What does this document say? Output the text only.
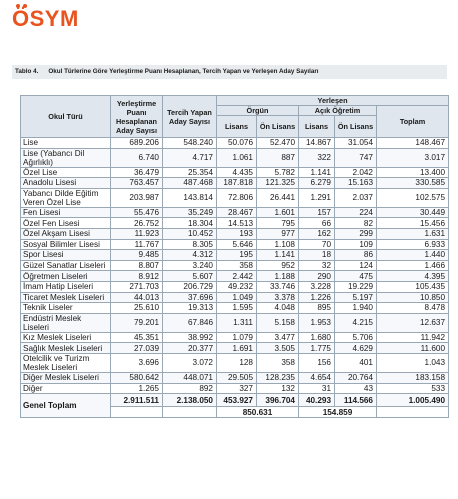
ÖSYM
Tablo 4. Okul Türlerine Göre Yerleştirme Puanı Hesaplanan, Tercih Yapan ve Yerleşen Aday Sayıları
Okul Türü	Yerleştirme Puanı Hesaplanan Aday Sayısı	Tercih Yapan Aday Sayısı	Yerleşen				
			Örgün		Açık Öğretim		Toplam
			Lisans	Ön Lisans	Lisans	Ön Lisans	
Lise	689.206	548.240	50.076	52.470	14.867	31.054	148.467
Lise (Yabancı Dil Ağırlıklı)	6.740	4.717	1.061	887	322	747	3.017
Özel Lise	36.479	25.354	4.435	5.782	1.141	2.042	13.400
Anadolu Lisesi	763.457	487.468	187.818	121.325	6.279	15.163	330.585
Yabancı Dilde Eğitim Veren Özel Lise	203.987	143.814	72.806	26.441	1.291	2.037	102.575
Fen Lisesi	55.476	35.249	28.467	1.601	157	224	30.449
Özel Fen Lisesi	26.752	18.304	14.513	795	66	82	15.456
Özel Akşam Lisesi	11.923	10.452	193	977	162	299	1.631
Sosyal Bilimler Lisesi	11.767	8.305	5.646	1.108	70	109	6.933
Spor Lisesi	9.485	4.312	195	1.141	18	86	1.440
Güzel Sanatlar Liseleri	8.807	3.240	358	952	32	124	1.466
Öğretmen Liseleri	8.912	5.607	2.442	1.188	290	475	4.395
İmam Hatip Liseleri	271.703	206.729	49.232	33.746	3.228	19.229	105.435
Ticaret Meslek Liseleri	44.013	37.696	1.049	3.378	1.226	5.197	10.850
Teknik Liseler	25.610	19.313	1.595	4.048	895	1.940	8.478
Endüstri Meslek Liseleri	79.201	67.846	1.311	5.158	1.953	4.215	12.637
Kız Meslek Liseleri	45.351	38.992	1.079	3.477	1.680	5.706	11.942
Sağlık Meslek Liseleri	27.039	20.377	1.691	3.505	1.775	4.629	11.600
Otelcilik ve Turizm Meslek Liseleri	3.696	3.072	128	358	156	401	1.043
Diğer Meslek Liseleri	580.642	448.071	29.505	128.235	4.654	20.764	183.158
Diğer	1.265	892	327	132	31	43	533
Genel Toplam	2.911.511	2.138.050	453.927	396.704	40.293	114.566	1.005.490
			850.631		154.859		
